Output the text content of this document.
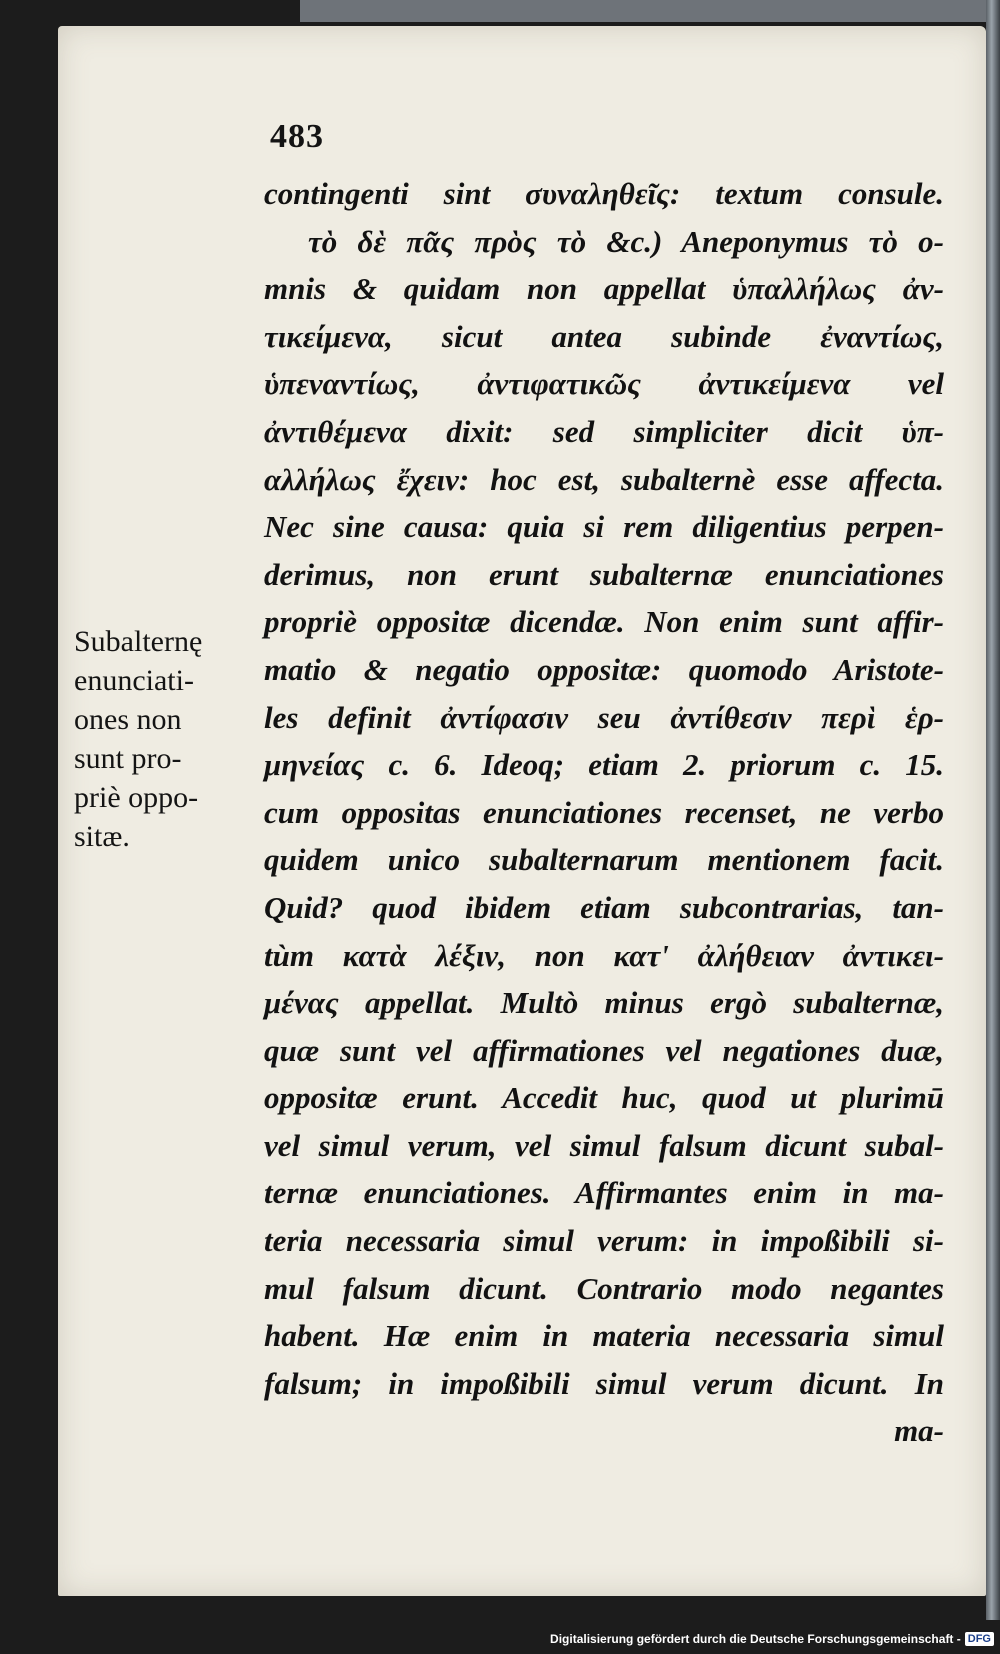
483
Subalternę
enunciati-
ones non
sunt pro-
priè oppo-
sitæ.
contingenti sint συναληθεῖς: textum consule.
τὸ δὲ πᾶς πρὸς τὸ &c.) Aneponymus τὸ o-
mnis & quidam non appellat ὑπαλλήλως ἀν-
τικείμενα, sicut antea subinde ἐναντίως,
ὑπεναντίως, ἀντιφατικῶς ἀντικείμενα vel
ἀντιθέμενα dixit: sed simpliciter dicit ὑπ-
αλλήλως ἔχειν: hoc est, subalternè esse affecta.
Nec sine causa: quia si rem diligentius perpen-
derimus, non erunt subalternæ enunciationes
propriè oppositæ dicendæ. Non enim sunt affir-
matio & negatio oppositæ: quomodo Aristote-
les definit ἀντίφασιν seu ἀντίθεσιν περὶ ἑρ-
μηνείας c. 6. Ideoq; etiam 2. priorum c. 15.
cum oppositas enunciationes recenset, ne verbo
quidem unico subalternarum mentionem facit.
Quid? quod ibidem etiam subcontrarias, tan-
tùm κατὰ λέξιν, non κατ' ἀλήθειαν ἀντικει-
μένας appellat. Multò minus ergò subalternæ,
quæ sunt vel affirmationes vel negationes duæ,
oppositæ erunt. Accedit huc, quod ut plurimū
vel simul verum, vel simul falsum dicunt subal-
ternæ enunciationes. Affirmantes enim in ma-
teria necessaria simul verum: in impoßibili si-
mul falsum dicunt. Contrario modo negantes
habent. Hæ enim in materia necessaria simul
falsum; in impoßibili simul verum dicunt. In
ma-
Digitalisierung gefördert durch die Deutsche Forschungsgemeinschaft - DFG
